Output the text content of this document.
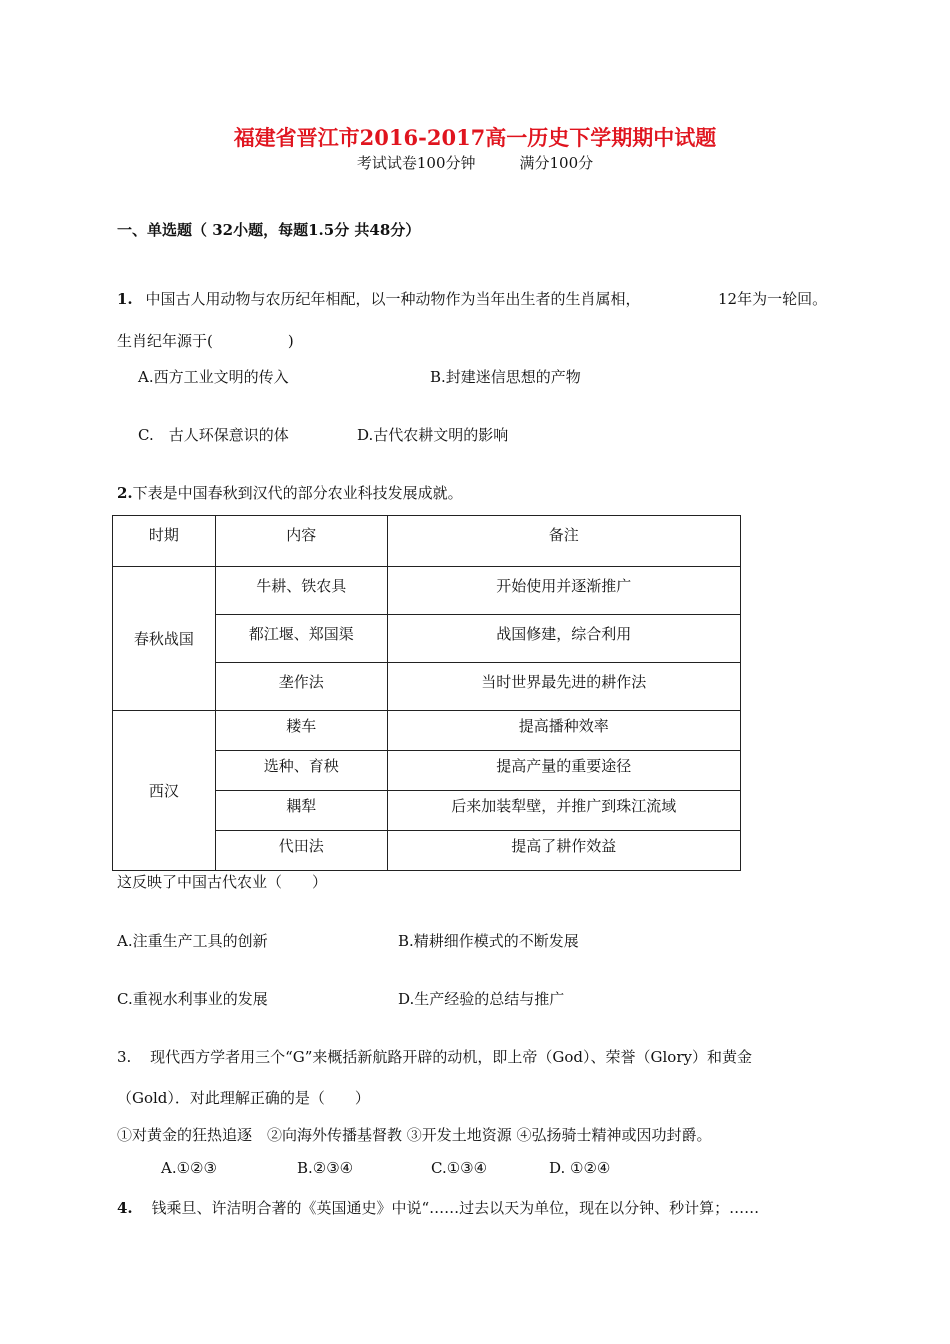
福建省晋江市2016-2017高一历史下学期期中试题
考试试卷100分钟	满分100分
一、单选题（ 32小题，每题1.5分 共48分）
1. 中国古人用动物与农历纪年相配，以一种动物作为当年出生者的生肖属相，	12年为一轮回。
生肖纪年源于(　　　　　)
A.西方工业文明的传入	B.封建迷信思想的产物
C.　古人环保意识的体	D.古代农耕文明的影响
2.下表是中国春秋到汉代的部分农业科技发展成就。
时期	内容	备注
春秋战国	牛耕、铁农具	开始使用并逐渐推广
	都江堰、郑国渠	战国修建，综合利用
	垄作法	当时世界最先进的耕作法
西汉	耧车	提高播种效率
	选种、育秧	提高产量的重要途径
	耦犁	后来加装犁壁，并推广到珠江流域
	代田法	提高了耕作效益
这反映了中国古代农业（　　）
A.注重生产工具的创新	B.精耕细作模式的不断发展
C.重视水利事业的发展	D.生产经验的总结与推广
3. 现代西方学者用三个“G”来概括新航路开辟的动机，即上帝（God）、荣誉（Glory）和黄金
（Gold）．对此理解正确的是（　　）
①对黄金的狂热追逐　②向海外传播基督教 ③开发土地资源 ④弘扬骑士精神或因功封爵。
A.①②③	B.②③④	C.①③④	D. ①②④
4. 钱乘旦、许洁明合著的《英国通史》中说“……过去以天为单位，现在以分钟、秒计算；……
